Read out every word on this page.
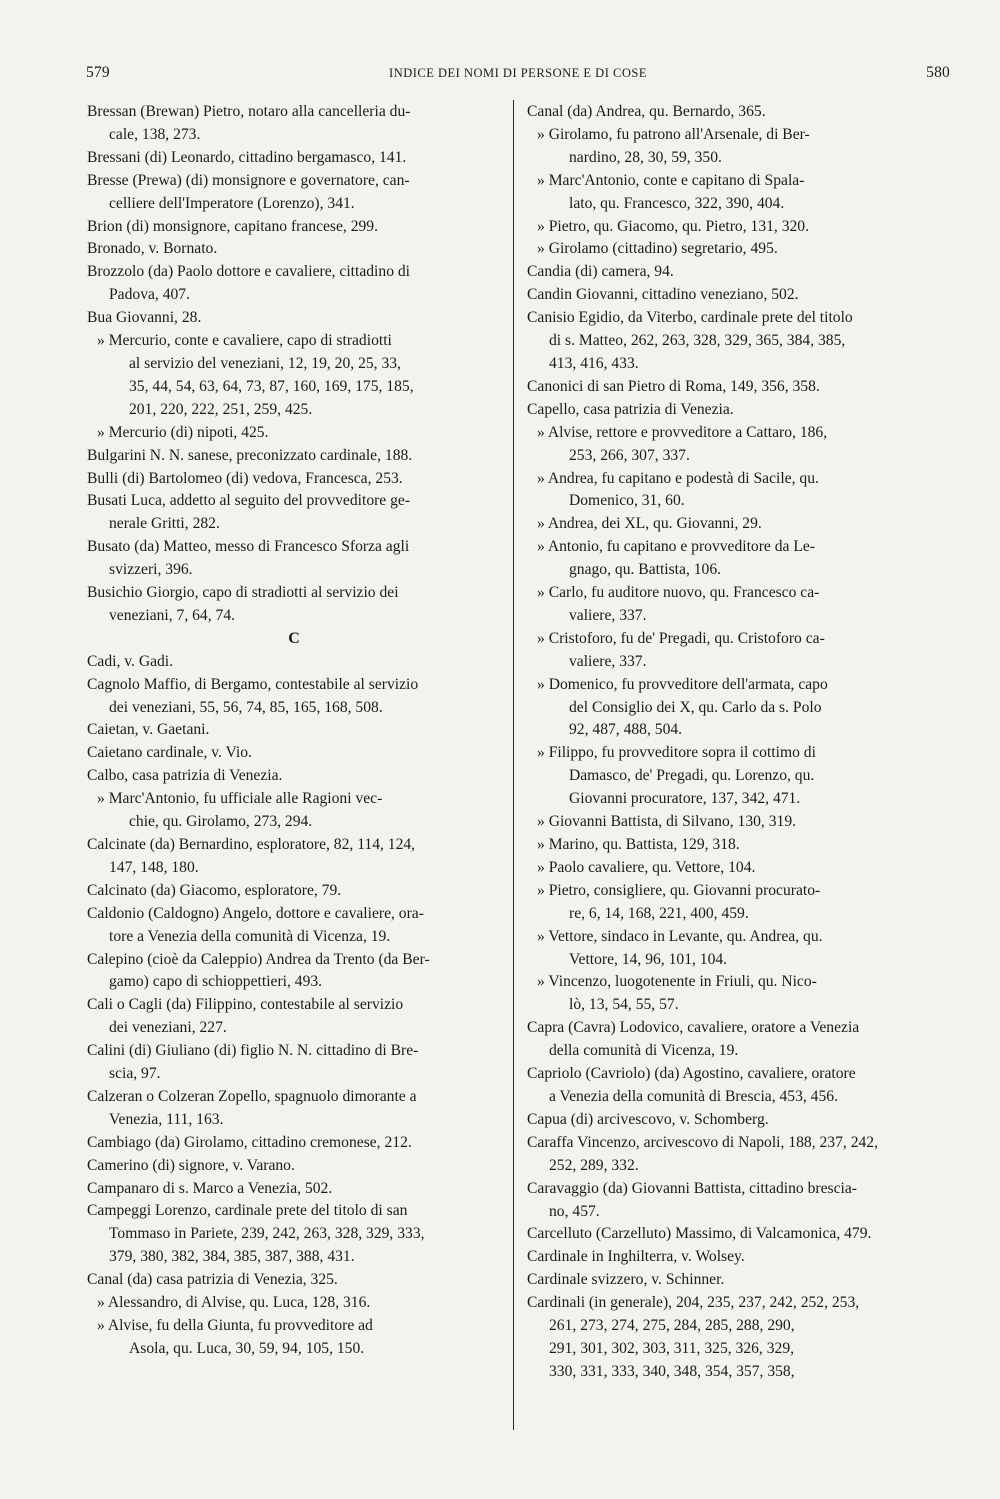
579	INDICE DEI NOMI DI PERSONE E DI COSE	580
Bressan (Brewan) Pietro, notaro alla cancelleria du-
cale, 138, 273.
Bressani (di) Leonardo, cittadino bergamasco, 141.
Bresse (Prewa) (di) monsignore e governatore, can-
celliere dell'Imperatore (Lorenzo), 341.
Brion (di) monsignore, capitano francese, 299.
Bronado, v. Bornato.
Brozzolo (da) Paolo dottore e cavaliere, cittadino di
Padova, 407.
Bua Giovanni, 28.
» Mercurio, conte e cavaliere, capo di stradiotti
al servizio del veneziani, 12, 19, 20, 25, 33,
35, 44, 54, 63, 64, 73, 87, 160, 169, 175, 185,
201, 220, 222, 251, 259, 425.
» Mercurio (di) nipoti, 425.
Bulgarini N. N. sanese, preconizzato cardinale, 188.
Bulli (di) Bartolomeo (di) vedova, Francesca, 253.
Busati Luca, addetto al seguito del provveditore ge-
nerale Gritti, 282.
Busato (da) Matteo, messo di Francesco Sforza agli
svizzeri, 396.
Busichio Giorgio, capo di stradiotti al servizio dei
veneziani, 7, 64, 74.
C
Cadi, v. Gadi.
Cagnolo Maffio, di Bergamo, contestabile al servizio
dei veneziani, 55, 56, 74, 85, 165, 168, 508.
Caietan, v. Gaetani.
Caietano cardinale, v. Vio.
Calbo, casa patrizia di Venezia.
» Marc'Antonio, fu ufficiale alle Ragioni vec-
chie, qu. Girolamo, 273, 294.
Calcinate (da) Bernardino, esploratore, 82, 114, 124,
147, 148, 180.
Calcinato (da) Giacomo, esploratore, 79.
Caldonio (Caldogno) Angelo, dottore e cavaliere, ora-
tore a Venezia della comunità di Vicenza, 19.
Calepino (cioè da Caleppio) Andrea da Trento (da Ber-
gamo) capo di schioppettieri, 493.
Cali o Cagli (da) Filippino, contestabile al servizio
dei veneziani, 227.
Calini (di) Giuliano (di) figlio N. N. cittadino di Bre-
scia, 97.
Calzeran o Colzeran Zopello, spagnuolo dimorante a
Venezia, 111, 163.
Cambiago (da) Girolamo, cittadino cremonese, 212.
Camerino (di) signore, v. Varano.
Campanaro di s. Marco a Venezia, 502.
Campeggi Lorenzo, cardinale prete del titolo di san
Tommaso in Pariete, 239, 242, 263, 328, 329, 333,
379, 380, 382, 384, 385, 387, 388, 431.
Canal (da) casa patrizia di Venezia, 325.
» Alessandro, di Alvise, qu. Luca, 128, 316.
» Alvise, fu della Giunta, fu provveditore ad
Asola, qu. Luca, 30, 59, 94, 105, 150.
Canal (da) Andrea, qu. Bernardo, 365.
» Girolamo, fu patrono all'Arsenale, di Ber-
nardino, 28, 30, 59, 350.
» Marc'Antonio, conte e capitano di Spala-
lato, qu. Francesco, 322, 390, 404.
» Pietro, qu. Giacomo, qu. Pietro, 131, 320.
» Girolamo (cittadino) segretario, 495.
Candia (di) camera, 94.
Candin Giovanni, cittadino veneziano, 502.
Canisio Egidio, da Viterbo, cardinale prete del titolo
di s. Matteo, 262, 263, 328, 329, 365, 384, 385,
413, 416, 433.
Canonici di san Pietro di Roma, 149, 356, 358.
Capello, casa patrizia di Venezia.
» Alvise, rettore e provveditore a Cattaro, 186,
253, 266, 307, 337.
» Andrea, fu capitano e podestà di Sacile, qu.
Domenico, 31, 60.
» Andrea, dei XL, qu. Giovanni, 29.
» Antonio, fu capitano e provveditore da Le-
gnago, qu. Battista, 106.
» Carlo, fu auditore nuovo, qu. Francesco ca-
valiere, 337.
» Cristoforo, fu de' Pregadi, qu. Cristoforo ca-
valiere, 337.
» Domenico, fu provveditore dell'armata, capo
del Consiglio dei X, qu. Carlo da s. Polo
92, 487, 488, 504.
» Filippo, fu provveditore sopra il cottimo di
Damasco, de' Pregadi, qu. Lorenzo, qu.
Giovanni procuratore, 137, 342, 471.
» Giovanni Battista, di Silvano, 130, 319.
» Marino, qu. Battista, 129, 318.
» Paolo cavaliere, qu. Vettore, 104.
» Pietro, consigliere, qu. Giovanni procurato-
re, 6, 14, 168, 221, 400, 459.
» Vettore, sindaco in Levante, qu. Andrea, qu.
Vettore, 14, 96, 101, 104.
» Vincenzo, luogotenente in Friuli, qu. Nico-
lò, 13, 54, 55, 57.
Capra (Cavra) Lodovico, cavaliere, oratore a Venezia
della comunità di Vicenza, 19.
Capriolo (Cavriolo) (da) Agostino, cavaliere, oratore
a Venezia della comunità di Brescia, 453, 456.
Capua (di) arcivescovo, v. Schomberg.
Caraffa Vincenzo, arcivescovo di Napoli, 188, 237, 242,
252, 289, 332.
Caravaggio (da) Giovanni Battista, cittadino brescia-
no, 457.
Carcelluto (Carzelluto) Massimo, di Valcamonica, 479.
Cardinale in Inghilterra, v. Wolsey.
Cardinale svizzero, v. Schinner.
Cardinali (in generale), 204, 235, 237, 242, 252, 253,
261, 273, 274, 275, 284, 285, 288, 290,
291, 301, 302, 303, 311, 325, 326, 329,
330, 331, 333, 340, 348, 354, 357, 358,
